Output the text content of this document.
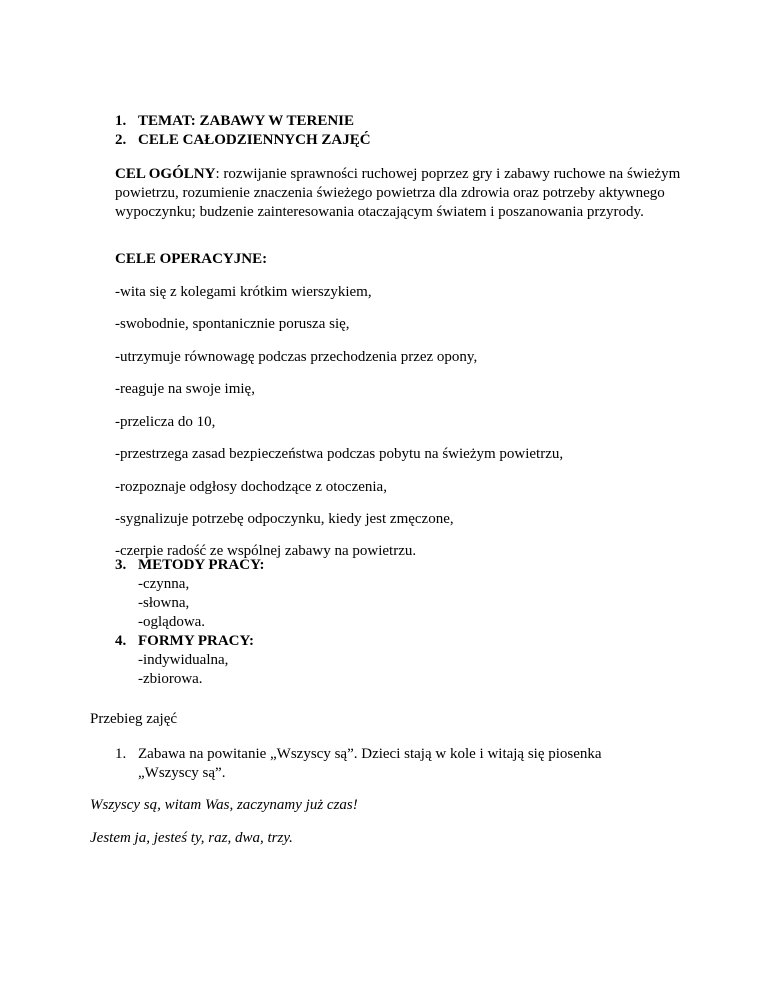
1. TEMAT: ZABAWY W TERENIE
2. CELE CAŁODZIENNYCH ZAJĘĆ
CEL OGÓLNY: rozwijanie sprawności ruchowej poprzez gry i zabawy ruchowe na świeżym powietrzu, rozumienie znaczenia świeżego powietrza dla zdrowia oraz potrzeby aktywnego wypoczynku; budzenie zainteresowania otaczającym światem i poszanowania przyrody.
CELE OPERACYJNE:
-wita się z kolegami krótkim wierszykiem,
-swobodnie, spontanicznie porusza się,
-utrzymuje równowagę podczas przechodzenia przez opony,
-reaguje na swoje imię,
-przelicza do 10,
-przestrzega zasad bezpieczeństwa podczas pobytu na świeżym powietrzu,
-rozpoznaje odgłosy dochodzące z otoczenia,
-sygnalizuje potrzebę odpoczynku, kiedy jest zmęczone,
-czerpie radość ze wspólnej zabawy na powietrzu.
3. METODY PRACY:
-czynna,
-słowna,
-oglądowa.
4. FORMY PRACY:
-indywidualna,
-zbiorowa.
Przebieg zajęć
1. Zabawa na powitanie „Wszyscy są”. Dzieci stają w kole i witają się piosenka
„Wszyscy są”.
Wszyscy są, witam Was, zaczynamy już czas!
Jestem ja, jesteś ty, raz, dwa, trzy.
